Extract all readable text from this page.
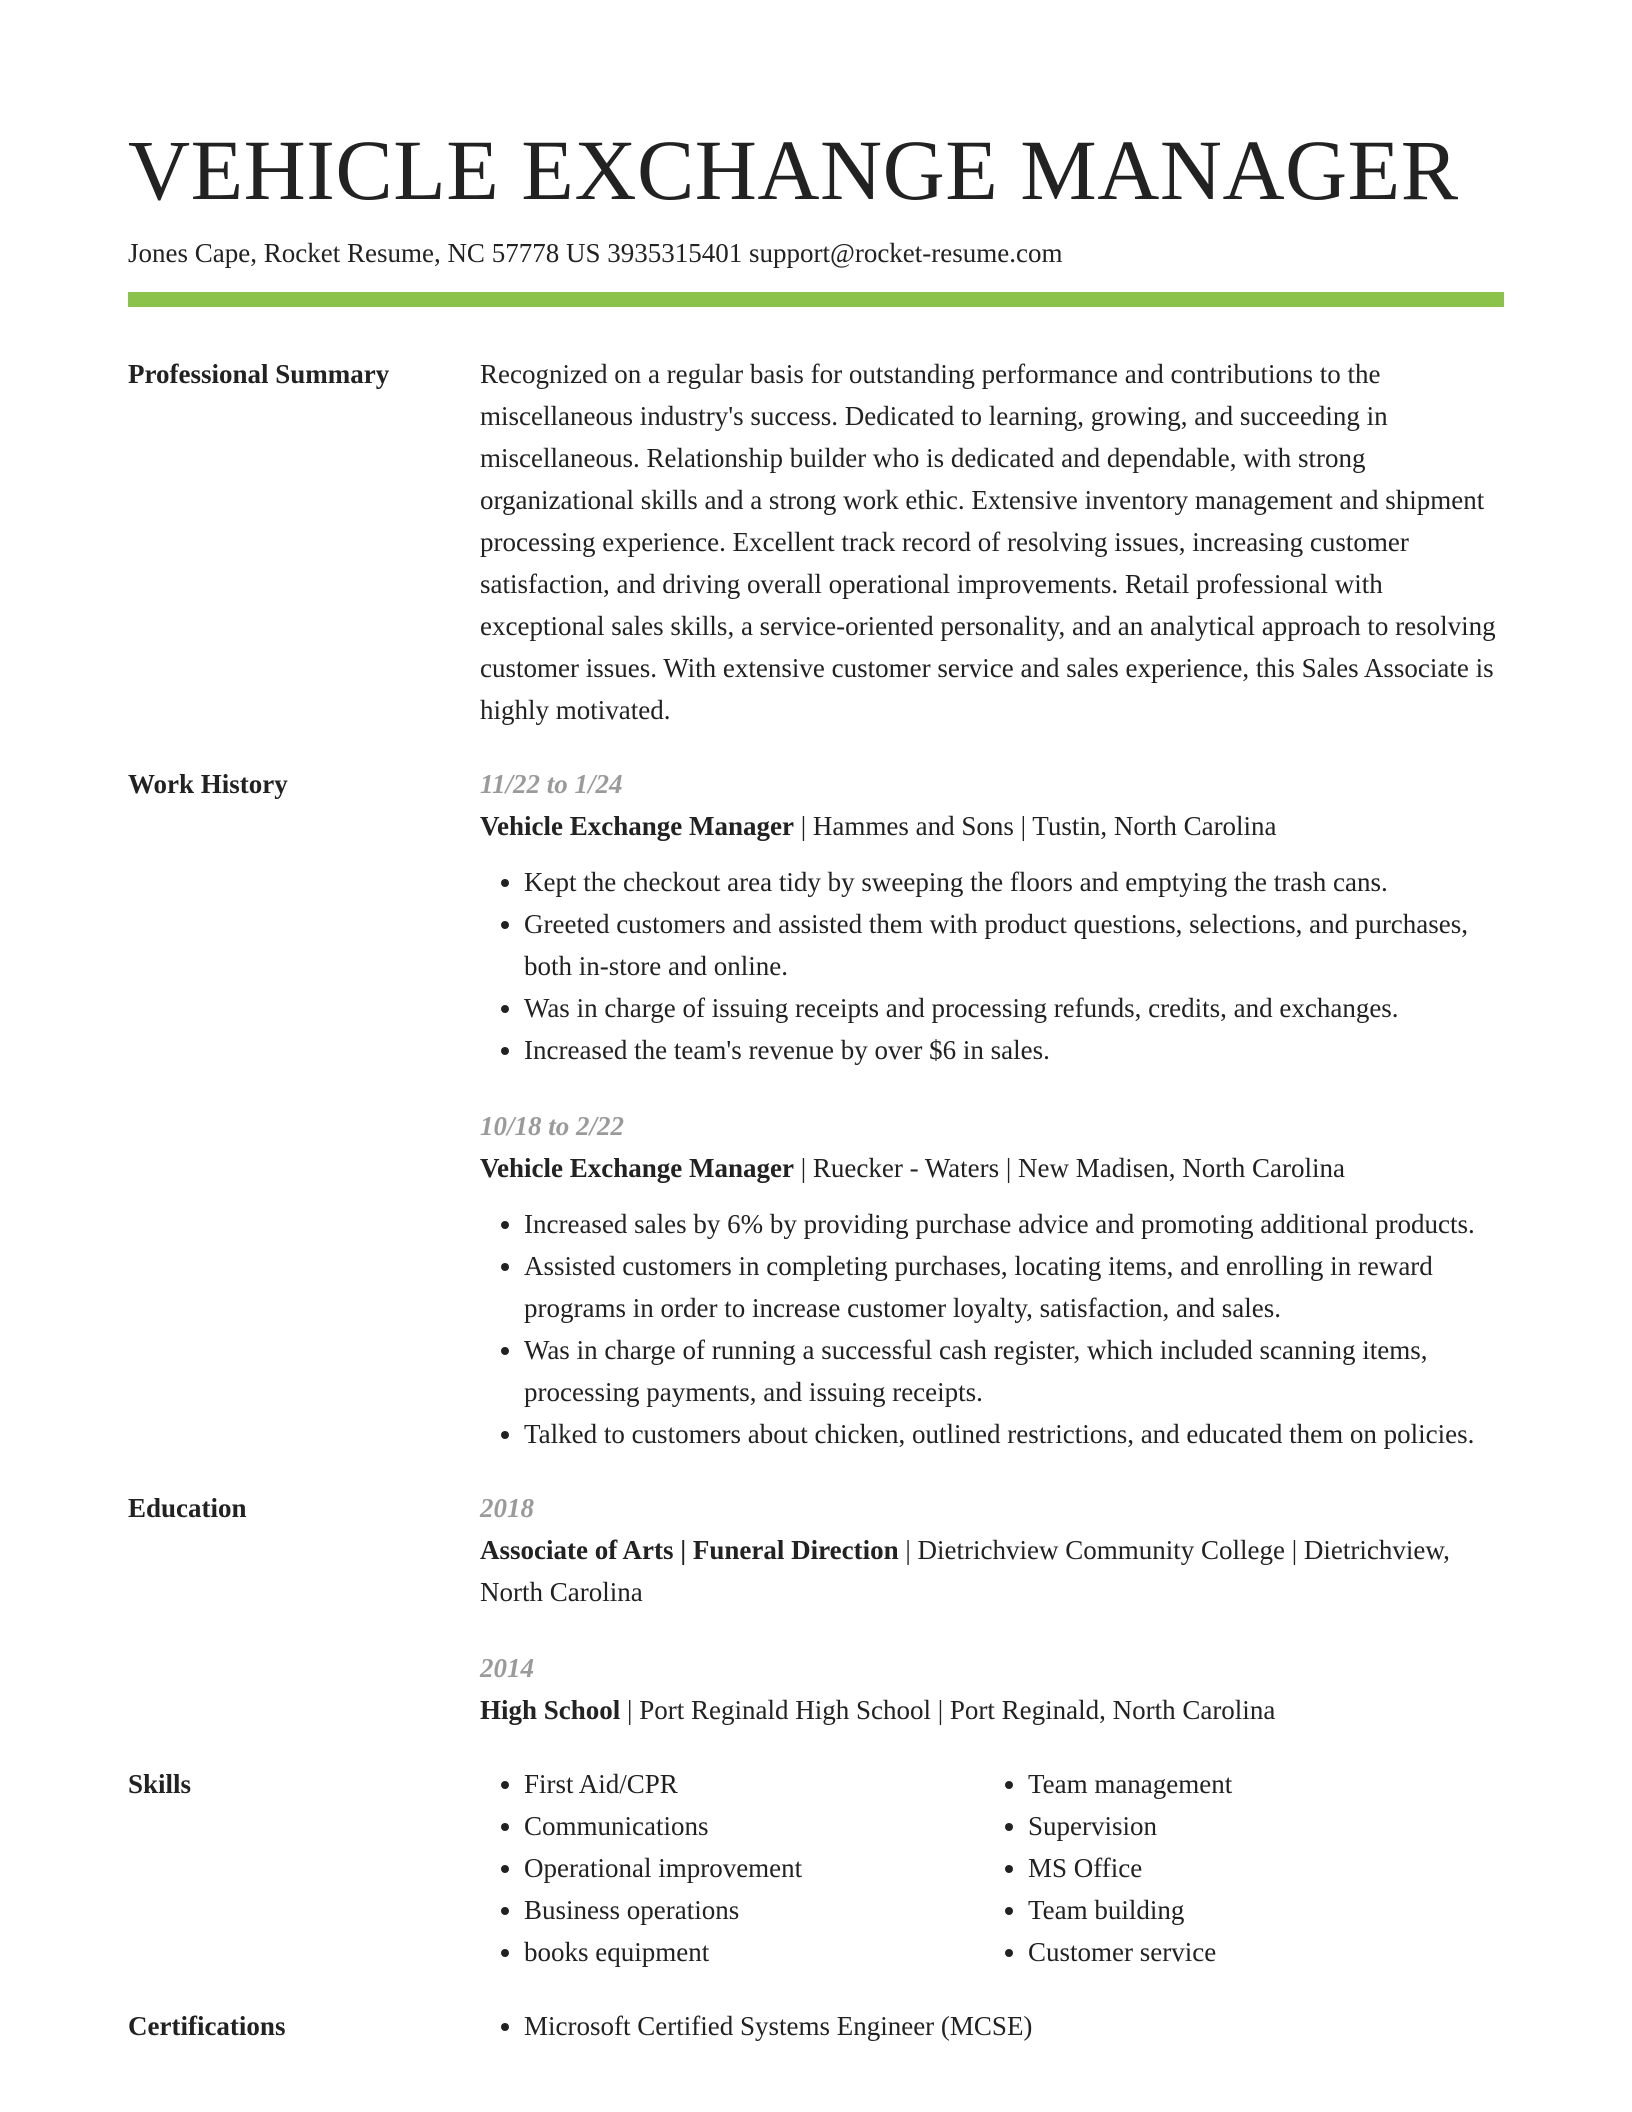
VEHICLE EXCHANGE MANAGER
Jones Cape, Rocket Resume, NC 57778 US 3935315401 support@rocket-resume.com
Professional Summary	Recognized on a regular basis for outstanding performance and contributions to the miscellaneous industry's success. Dedicated to learning, growing, and succeeding in miscellaneous. Relationship builder who is dedicated and dependable, with strong organizational skills and a strong work ethic. Extensive inventory management and shipment processing experience. Excellent track record of resolving issues, increasing customer satisfaction, and driving overall operational improvements. Retail professional with exceptional sales skills, a service-oriented personality, and an analytical approach to resolving customer issues. With extensive customer service and sales experience, this Sales Associate is highly motivated.

Work History	11/22 to 1/24
Vehicle Exchange Manager | Hammes and Sons | Tustin, North Carolina
• Kept the checkout area tidy by sweeping the floors and emptying the trash cans.
• Greeted customers and assisted them with product questions, selections, and purchases, both in-store and online.
• Was in charge of issuing receipts and processing refunds, credits, and exchanges.
• Increased the team's revenue by over $6 in sales.
10/18 to 2/22
Vehicle Exchange Manager | Ruecker - Waters | New Madisen, North Carolina
• Increased sales by 6% by providing purchase advice and promoting additional products.
• Assisted customers in completing purchases, locating items, and enrolling in reward programs in order to increase customer loyalty, satisfaction, and sales.
• Was in charge of running a successful cash register, which included scanning items, processing payments, and issuing receipts.
• Talked to customers about chicken, outlined restrictions, and educated them on policies.
Education	2018
Associate of Arts | Funeral Direction | Dietrichview Community College | Dietrichview, North Carolina
2014
High School | Port Reginald High School | Port Reginald, North Carolina
Skills	• First Aid/CPR
• Communications
• Operational improvement
• Business operations
• books equipment
• Team management
• Supervision
• MS Office
• Team building
• Customer service
Certifications	• Microsoft Certified Systems Engineer (MCSE)
